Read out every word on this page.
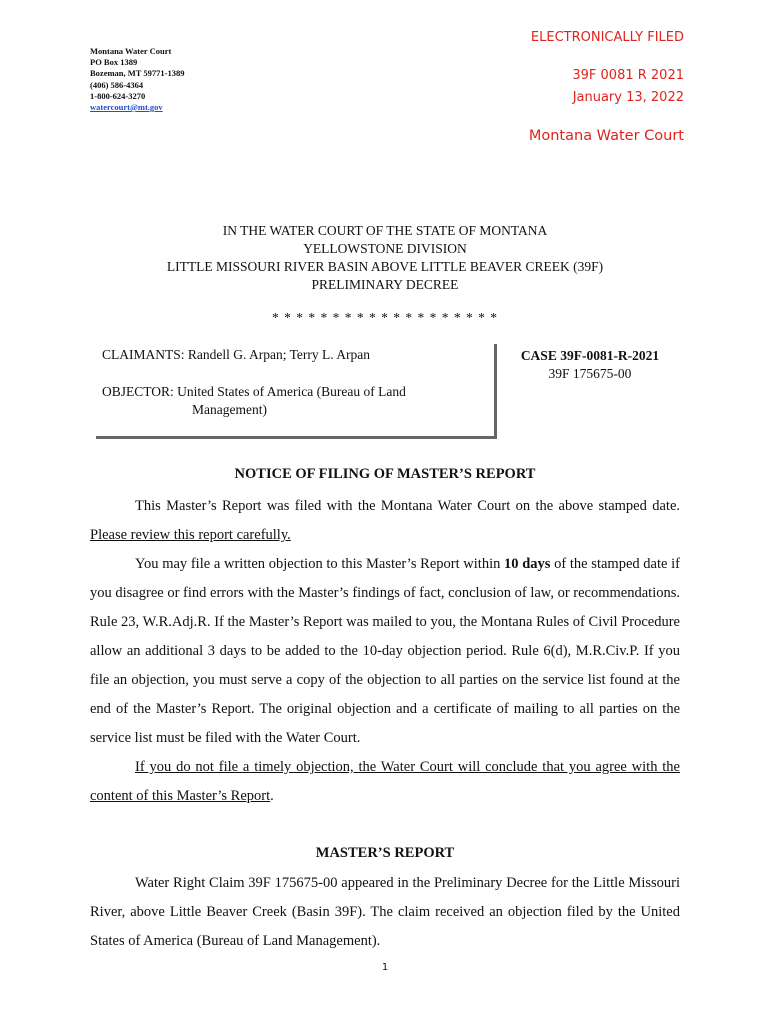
Montana Water Court
PO Box 1389
Bozeman, MT 59771-1389
(406) 586-4364
1-800-624-3270
watercourt@mt.gov
ELECTRONICALLY FILED
39F 0081 R 2021
January 13, 2022
Montana Water Court
IN THE WATER COURT OF THE STATE OF MONTANA
YELLOWSTONE DIVISION
LITTLE MISSOURI RIVER BASIN ABOVE LITTLE BEAVER CREEK (39F)
PRELIMINARY DECREE
* * * * * * * * * * * * * * * * * * *
CLAIMANTS: Randell G. Arpan; Terry L. Arpan
OBJECTOR: United States of America (Bureau of Land
Management)
CASE 39F-0081-R-2021
39F 175675-00
NOTICE OF FILING OF MASTER’S REPORT

This Master’s Report was filed with the Montana Water Court on the above stamped date. Please review this report carefully.

You may file a written objection to this Master’s Report within 10 days of the stamped date if you disagree or find errors with the Master’s findings of fact, conclusion of law, or recommendations. Rule 23, W.R.Adj.R. If the Master’s Report was mailed to you, the Montana Rules of Civil Procedure allow an additional 3 days to be added to the 10-day objection period. Rule 6(d), M.R.Civ.P. If you file an objection, you must serve a copy of the objection to all parties on the service list found at the end of the Master’s Report. The original objection and a certificate of mailing to all parties on the service list must be filed with the Water Court.

If you do not file a timely objection, the Water Court will conclude that you agree with the content of this Master’s Report.

MASTER’S REPORT

Water Right Claim 39F 175675-00 appeared in the Preliminary Decree for the Little Missouri River, above Little Beaver Creek (Basin 39F). The claim received an objection filed by the United States of America (Bureau of Land Management).

1
